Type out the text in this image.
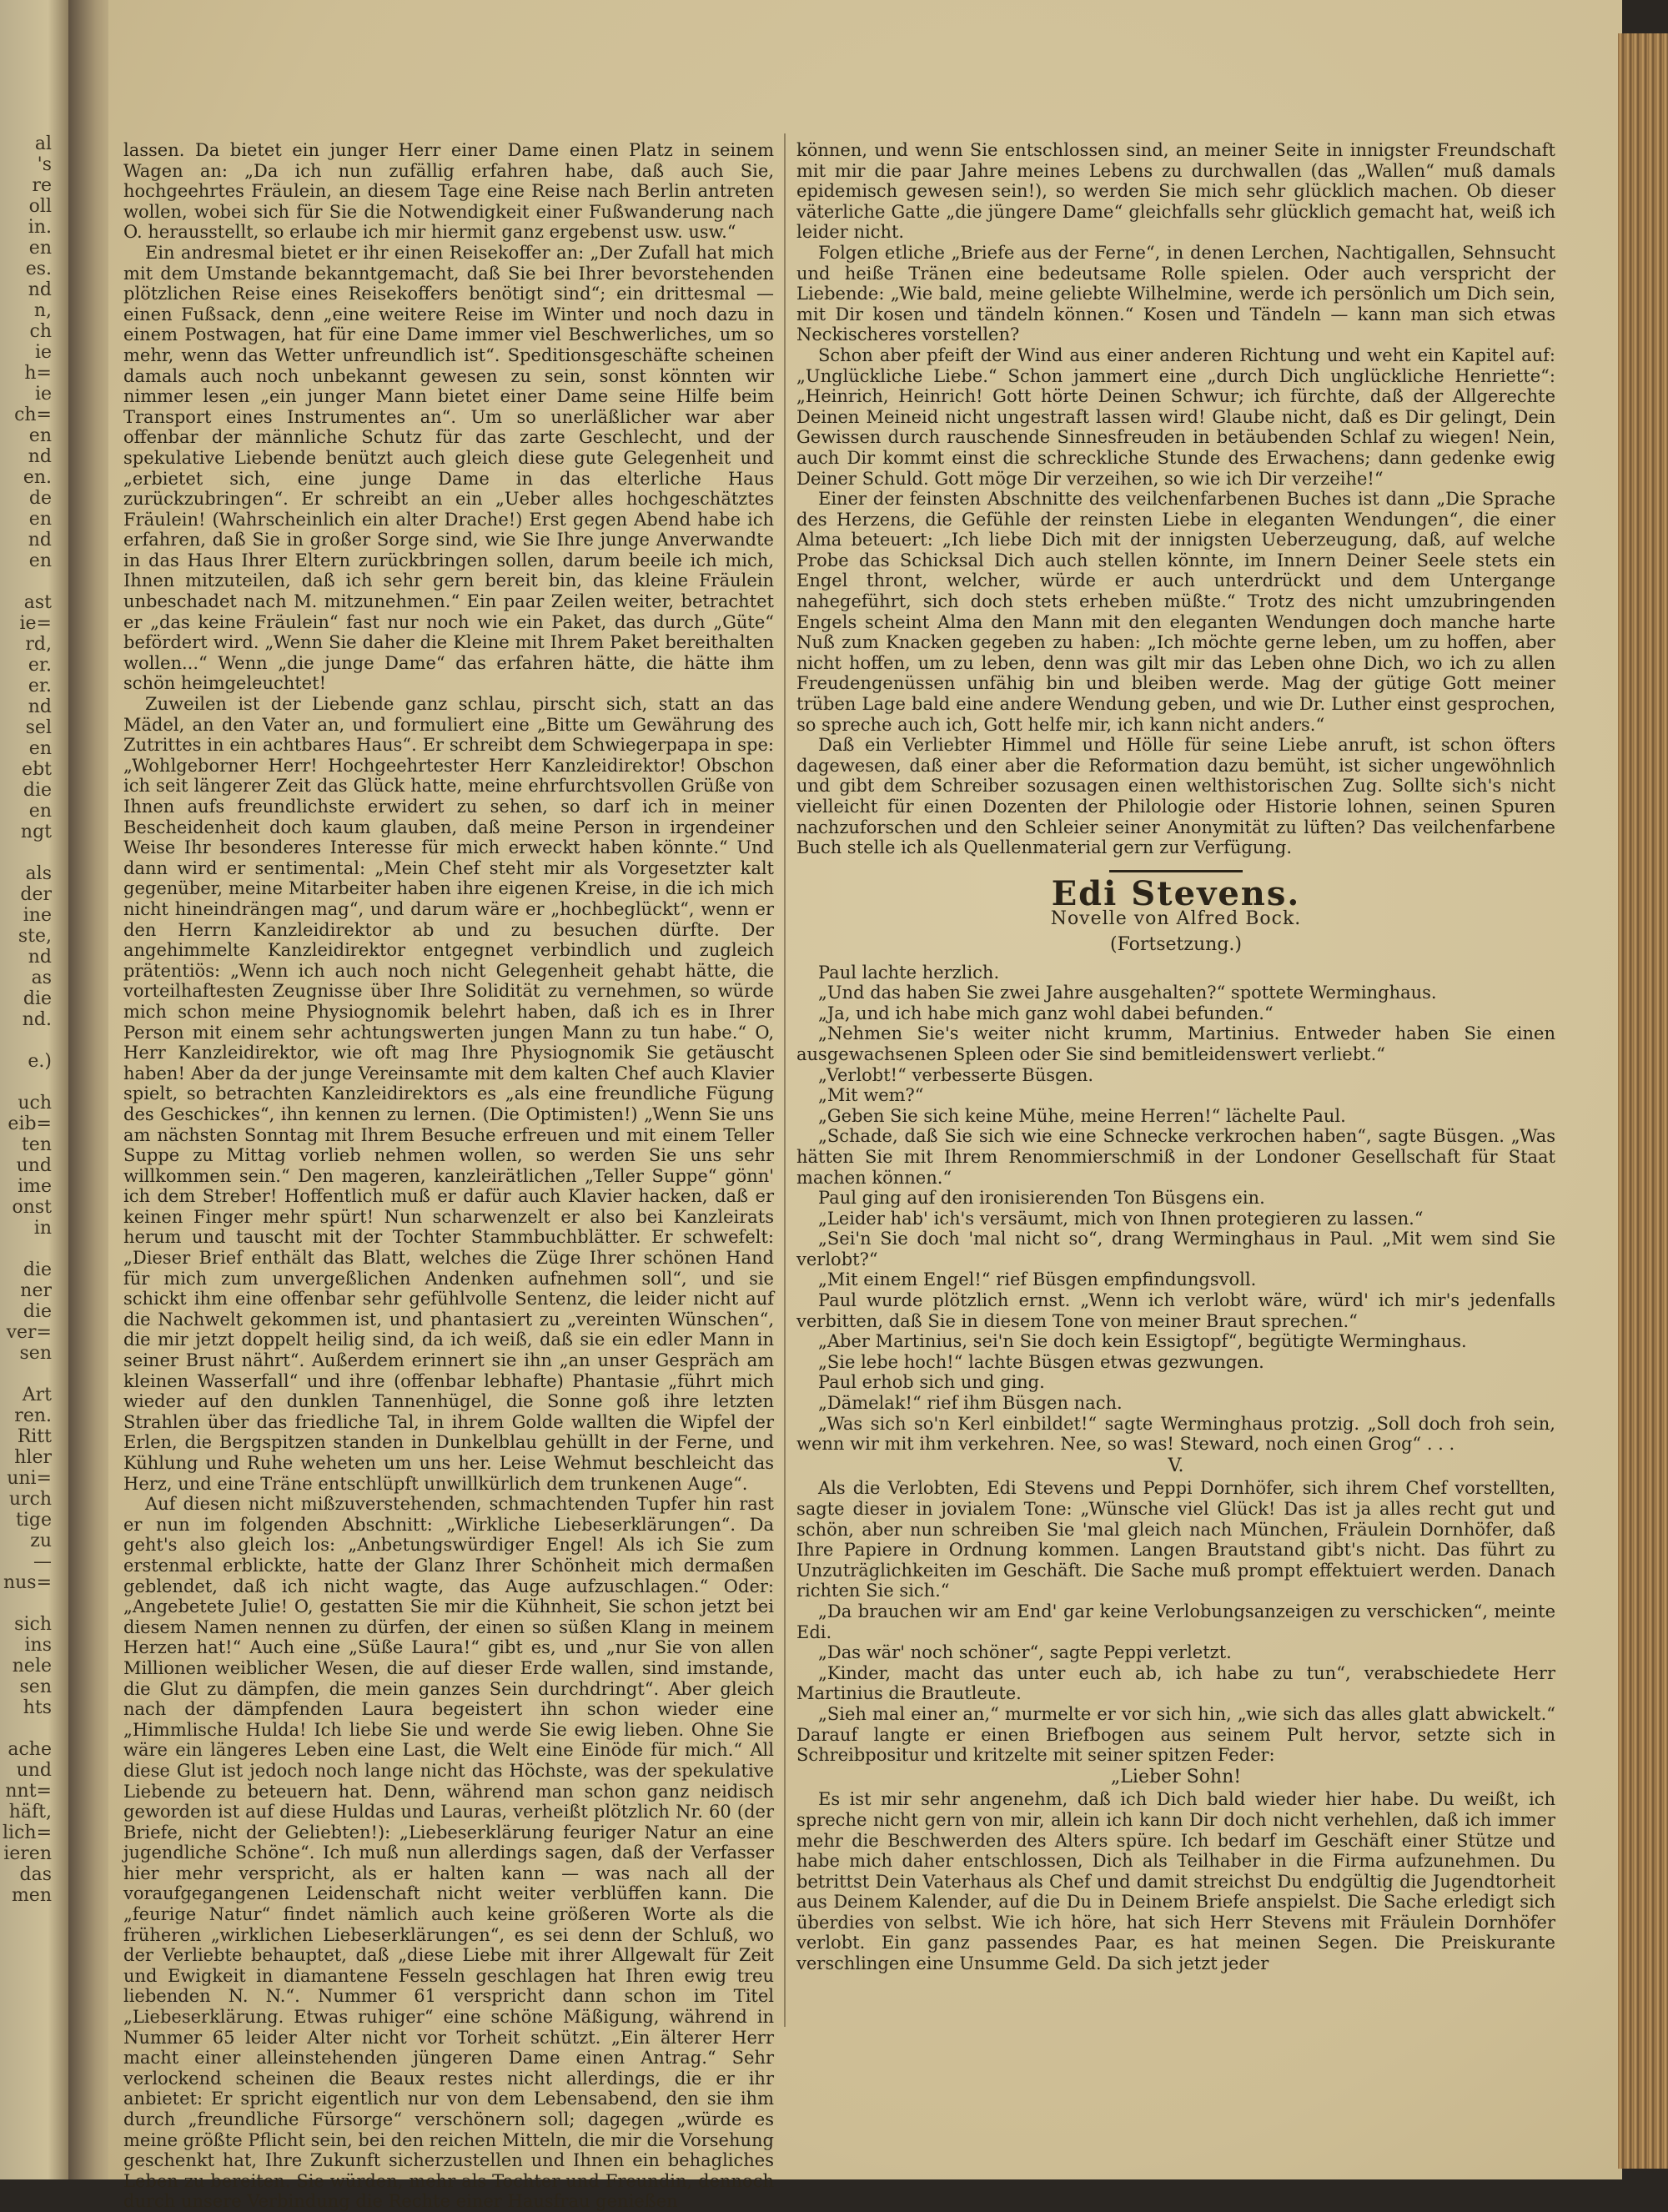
al
's
re
oll
in.
en
es.
nd
n,
ch
ie
h=
ie
ch=
en
nd
en.
de
en
nd
en

ast
ie=
rd,
er.
er.
nd
sel
en
ebt
die
en
ngt

als
der
ine
ste,
nd
as
die
nd.

e.)

uch
eib=
ten
und
ime
onst
in

die
ner
die
ver=
sen

Art
ren.
Ritt
hler
uni=
urch
tige
zu
—
nus=

sich
ins
nele
sen
hts

ache
und
nnt=
häft,
lich=
ieren
das
men

lassen. Da bietet ein junger Herr einer Dame einen Platz in seinem Wagen an: „Da ich nun zufällig erfahren habe, daß auch Sie, hochgeehrtes Fräulein, an diesem Tage eine Reise nach Berlin antreten wollen, wobei sich für Sie die Notwendigkeit einer Fußwanderung nach O. herausstellt, so erlaube ich mir hiermit ganz ergebenst usw. usw.“

Ein andresmal bietet er ihr einen Reisekoffer an: „Der Zufall hat mich mit dem Umstande bekanntgemacht, daß Sie bei Ihrer bevorstehenden plötzlichen Reise eines Reisekoffers benötigt sind“; ein drittesmal — einen Fußsack, denn „eine weitere Reise im Winter und noch dazu in einem Postwagen, hat für eine Dame immer viel Beschwerliches, um so mehr, wenn das Wetter unfreundlich ist“. Speditionsgeschäfte scheinen damals auch noch unbekannt gewesen zu sein, sonst könnten wir nimmer lesen „ein junger Mann bietet einer Dame seine Hilfe beim Transport eines Instrumentes an“. Um so unerläßlicher war aber offenbar der männliche Schutz für das zarte Geschlecht, und der spekulative Liebende benützt auch gleich diese gute Gelegenheit und „erbietet sich, eine junge Dame in das elterliche Haus zurückzubringen“. Er schreibt an ein „Ueber alles hochgeschätztes Fräulein! (Wahrscheinlich ein alter Drache!) Erst gegen Abend habe ich erfahren, daß Sie in großer Sorge sind, wie Sie Ihre junge Anverwandte in das Haus Ihrer Eltern zurückbringen sollen, darum beeile ich mich, Ihnen mitzuteilen, daß ich sehr gern bereit bin, das kleine Fräulein unbeschadet nach M. mitzunehmen.“ Ein paar Zeilen weiter, betrachtet er „das keine Fräulein“ fast nur noch wie ein Paket, das durch „Güte“ befördert wird. „Wenn Sie daher die Kleine mit Ihrem Paket bereithalten wollen...“ Wenn „die junge Dame“ das erfahren hätte, die hätte ihm schön heimgeleuchtet!

Zuweilen ist der Liebende ganz schlau, pirscht sich, statt an das Mädel, an den Vater an, und formuliert eine „Bitte um Gewährung des Zutrittes in ein achtbares Haus“. Er schreibt dem Schwiegerpapa in spe: „Wohlgeborner Herr! Hochgeehrtester Herr Kanzleidirektor! Obschon ich seit längerer Zeit das Glück hatte, meine ehrfurchtsvollen Grüße von Ihnen aufs freundlichste erwidert zu sehen, so darf ich in meiner Bescheidenheit doch kaum glauben, daß meine Person in irgendeiner Weise Ihr besonderes Interesse für mich erweckt haben könnte.“ Und dann wird er sentimental: „Mein Chef steht mir als Vorgesetzter kalt gegenüber, meine Mitarbeiter haben ihre eigenen Kreise, in die ich mich nicht hineindrängen mag“, und darum wäre er „hochbeglückt“, wenn er den Herrn Kanzleidirektor ab und zu besuchen dürfte. Der angehimmelte Kanzleidirektor entgegnet verbindlich und zugleich prätentiös: „Wenn ich auch noch nicht Gelegenheit gehabt hätte, die vorteilhaftesten Zeugnisse über Ihre Solidität zu vernehmen, so würde mich schon meine Physiognomik belehrt haben, daß ich es in Ihrer Person mit einem sehr achtungswerten jungen Mann zu tun habe.“ O, Herr Kanzleidirektor, wie oft mag Ihre Physiognomik Sie getäuscht haben! Aber da der junge Vereinsamte mit dem kalten Chef auch Klavier spielt, so betrachten Kanzleidirektors es „als eine freundliche Fügung des Geschickes“, ihn kennen zu lernen. (Die Optimisten!) „Wenn Sie uns am nächsten Sonntag mit Ihrem Besuche erfreuen und mit einem Teller Suppe zu Mittag vorlieb nehmen wollen, so werden Sie uns sehr willkommen sein.“ Den mageren, kanzleirätlichen „Teller Suppe“ gönn' ich dem Streber! Hoffentlich muß er dafür auch Klavier hacken, daß er keinen Finger mehr spürt! Nun scharwenzelt er also bei Kanzleirats herum und tauscht mit der Tochter Stammbuchblätter. Er schwefelt: „Dieser Brief enthält das Blatt, welches die Züge Ihrer schönen Hand für mich zum unvergeßlichen Andenken aufnehmen soll“, und sie schickt ihm eine offenbar sehr gefühlvolle Sentenz, die leider nicht auf die Nachwelt gekommen ist, und phantasiert zu „vereinten Wünschen“, die mir jetzt doppelt heilig sind, da ich weiß, daß sie ein edler Mann in seiner Brust nährt“. Außerdem erinnert sie ihn „an unser Gespräch am kleinen Wasserfall“ und ihre (offenbar lebhafte) Phantasie „führt mich wieder auf den dunklen Tannenhügel, die Sonne goß ihre letzten Strahlen über das friedliche Tal, in ihrem Golde wallten die Wipfel der Erlen, die Bergspitzen standen in Dunkelblau gehüllt in der Ferne, und Kühlung und Ruhe weheten um uns her. Leise Wehmut beschleicht das Herz, und eine Träne entschlüpft unwillkürlich dem trunkenen Auge“.

Auf diesen nicht mißzuverstehenden, schmachtenden Tupfer hin rast er nun im folgenden Abschnitt: „Wirkliche Liebeserklärungen“. Da geht's also gleich los: „Anbetungswürdiger Engel! Als ich Sie zum erstenmal erblickte, hatte der Glanz Ihrer Schönheit mich dermaßen geblendet, daß ich nicht wagte, das Auge aufzuschlagen.“ Oder: „Angebetete Julie! O, gestatten Sie mir die Kühnheit, Sie schon jetzt bei diesem Namen nennen zu dürfen, der einen so süßen Klang in meinem Herzen hat!“ Auch eine „Süße Laura!“ gibt es, und „nur Sie von allen Millionen weiblicher Wesen, die auf dieser Erde wallen, sind imstande, die Glut zu dämpfen, die mein ganzes Sein durchdringt“. Aber gleich nach der dämpfenden Laura begeistert ihn schon wieder eine „Himmlische Hulda! Ich liebe Sie und werde Sie ewig lieben. Ohne Sie wäre ein längeres Leben eine Last, die Welt eine Einöde für mich.“ All diese Glut ist jedoch noch lange nicht das Höchste, was der spekulative Liebende zu beteuern hat. Denn, während man schon ganz neidisch geworden ist auf diese Huldas und Lauras, verheißt plötzlich Nr. 60 (der Briefe, nicht der Geliebten!): „Liebeserklärung feuriger Natur an eine jugendliche Schöne“. Ich muß nun allerdings sagen, daß der Verfasser hier mehr verspricht, als er halten kann — was nach all der voraufgegangenen Leidenschaft nicht weiter verblüffen kann. Die „feurige Natur“ findet nämlich auch keine größeren Worte als die früheren „wirklichen Liebeserklärungen“, es sei denn der Schluß, wo der Verliebte behauptet, daß „diese Liebe mit ihrer Allgewalt für Zeit und Ewigkeit in diamantene Fesseln geschlagen hat Ihren ewig treu liebenden N. N.“. Nummer 61 verspricht dann schon im Titel „Liebeserklärung. Etwas ruhiger“ eine schöne Mäßigung, während in Nummer 65 leider Alter nicht vor Torheit schützt. „Ein älterer Herr macht einer alleinstehenden jüngeren Dame einen Antrag.“ Sehr verlockend scheinen die Beaux restes nicht allerdings, die er ihr anbietet: Er spricht eigentlich nur von dem Lebensabend, den sie ihm durch „freundliche Fürsorge“ verschönern soll; dagegen „würde es meine größte Pflicht sein, bei den reichen Mitteln, die mir die Vorsehung geschenkt hat, Ihre Zukunft sicherzustellen und Ihnen ein behagliches Leben zu bereiten. Sie würden, mehr als Tochter und Freundin, dennoch durch unsere Verbindung die Rechte einer Hausfrau genießen

können, und wenn Sie entschlossen sind, an meiner Seite in innigster Freundschaft mit mir die paar Jahre meines Lebens zu durchwallen (das „Wallen“ muß damals epidemisch gewesen sein!), so werden Sie mich sehr glücklich machen. Ob dieser väterliche Gatte „die jüngere Dame“ gleichfalls sehr glücklich gemacht hat, weiß ich leider nicht.

Folgen etliche „Briefe aus der Ferne“, in denen Lerchen, Nachtigallen, Sehnsucht und heiße Tränen eine bedeutsame Rolle spielen. Oder auch verspricht der Liebende: „Wie bald, meine geliebte Wilhelmine, werde ich persönlich um Dich sein, mit Dir kosen und tändeln können.“ Kosen und Tändeln — kann man sich etwas Neckischeres vorstellen?

Schon aber pfeift der Wind aus einer anderen Richtung und weht ein Kapitel auf: „Unglückliche Liebe.“ Schon jammert eine „durch Dich unglückliche Henriette“: „Heinrich, Heinrich! Gott hörte Deinen Schwur; ich fürchte, daß der Allgerechte Deinen Meineid nicht ungestraft lassen wird! Glaube nicht, daß es Dir gelingt, Dein Gewissen durch rauschende Sinnesfreuden in betäubenden Schlaf zu wiegen! Nein, auch Dir kommt einst die schreckliche Stunde des Erwachens; dann gedenke ewig Deiner Schuld. Gott möge Dir verzeihen, so wie ich Dir verzeihe!“

Einer der feinsten Abschnitte des veilchenfarbenen Buches ist dann „Die Sprache des Herzens, die Gefühle der reinsten Liebe in eleganten Wendungen“, die einer Alma beteuert: „Ich liebe Dich mit der innigsten Ueberzeugung, daß, auf welche Probe das Schicksal Dich auch stellen könnte, im Innern Deiner Seele stets ein Engel thront, welcher, würde er auch unterdrückt und dem Untergange nahegeführt, sich doch stets erheben müßte.“ Trotz des nicht umzubringenden Engels scheint Alma den Mann mit den eleganten Wendungen doch manche harte Nuß zum Knacken gegeben zu haben: „Ich möchte gerne leben, um zu hoffen, aber nicht hoffen, um zu leben, denn was gilt mir das Leben ohne Dich, wo ich zu allen Freudengenüssen unfähig bin und bleiben werde. Mag der gütige Gott meiner trüben Lage bald eine andere Wendung geben, und wie Dr. Luther einst gesprochen, so spreche auch ich, Gott helfe mir, ich kann nicht anders.“

Daß ein Verliebter Himmel und Hölle für seine Liebe anruft, ist schon öfters dagewesen, daß einer aber die Reformation dazu bemüht, ist sicher ungewöhnlich und gibt dem Schreiber sozusagen einen welthistorischen Zug. Sollte sich's nicht vielleicht für einen Dozenten der Philologie oder Historie lohnen, seinen Spuren nachzuforschen und den Schleier seiner Anonymität zu lüften? Das veilchenfarbene Buch stelle ich als Quellenmaterial gern zur Verfügung.

Edi Stevens.
Novelle von Alfred Bock.
(Fortsetzung.)

Paul lachte herzlich.

„Und das haben Sie zwei Jahre ausgehalten?“ spottete Werminghaus.

„Ja, und ich habe mich ganz wohl dabei befunden.“

„Nehmen Sie's weiter nicht krumm, Martinius. Entweder haben Sie einen ausgewachsenen Spleen oder Sie sind bemitleidenswert verliebt.“

„Verlobt!“ verbesserte Büsgen.

„Mit wem?“

„Geben Sie sich keine Mühe, meine Herren!“ lächelte Paul.

„Schade, daß Sie sich wie eine Schnecke verkrochen haben“, sagte Büsgen. „Was hätten Sie mit Ihrem Renommierschmiß in der Londoner Gesellschaft für Staat machen können.“

Paul ging auf den ironisierenden Ton Büsgens ein.

„Leider hab' ich's versäumt, mich von Ihnen protegieren zu lassen.“

„Sei'n Sie doch 'mal nicht so“, drang Werminghaus in Paul. „Mit wem sind Sie verlobt?“

„Mit einem Engel!“ rief Büsgen empfindungsvoll.

Paul wurde plötzlich ernst. „Wenn ich verlobt wäre, würd' ich mir's jedenfalls verbitten, daß Sie in diesem Tone von meiner Braut sprechen.“

„Aber Martinius, sei'n Sie doch kein Essigtopf“, begütigte Werminghaus.

„Sie lebe hoch!“ lachte Büsgen etwas gezwungen.

Paul erhob sich und ging.

„Dämelak!“ rief ihm Büsgen nach.

„Was sich so'n Kerl einbildet!“ sagte Werminghaus protzig. „Soll doch froh sein, wenn wir mit ihm verkehren. Nee, so was! Steward, noch einen Grog“ . . .

V.

Als die Verlobten, Edi Stevens und Peppi Dornhöfer, sich ihrem Chef vorstellten, sagte dieser in jovialem Tone: „Wünsche viel Glück! Das ist ja alles recht gut und schön, aber nun schreiben Sie 'mal gleich nach München, Fräulein Dornhöfer, daß Ihre Papiere in Ordnung kommen. Langen Brautstand gibt's nicht. Das führt zu Unzuträglichkeiten im Geschäft. Die Sache muß prompt effektuiert werden. Danach richten Sie sich.“

„Da brauchen wir am End' gar keine Verlobungsanzeigen zu verschicken“, meinte Edi.

„Das wär' noch schöner“, sagte Peppi verletzt.

„Kinder, macht das unter euch ab, ich habe zu tun“, verabschiedete Herr Martinius die Brautleute.

„Sieh mal einer an,“ murmelte er vor sich hin, „wie sich das alles glatt abwickelt.“ Darauf langte er einen Briefbogen aus seinem Pult hervor, setzte sich in Schreibpositur und kritzelte mit seiner spitzen Feder:

„Lieber Sohn!

Es ist mir sehr angenehm, daß ich Dich bald wieder hier habe. Du weißt, ich spreche nicht gern von mir, allein ich kann Dir doch nicht verhehlen, daß ich immer mehr die Beschwerden des Alters spüre. Ich bedarf im Geschäft einer Stütze und habe mich daher entschlossen, Dich als Teilhaber in die Firma aufzunehmen. Du betrittst Dein Vaterhaus als Chef und damit streichst Du endgültig die Jugendtorheit aus Deinem Kalender, auf die Du in Deinem Briefe anspielst. Die Sache erledigt sich überdies von selbst. Wie ich höre, hat sich Herr Stevens mit Fräulein Dornhöfer verlobt. Ein ganz passendes Paar, es hat meinen Segen. Die Preiskurante verschlingen eine Unsumme Geld. Da sich jetzt jeder
